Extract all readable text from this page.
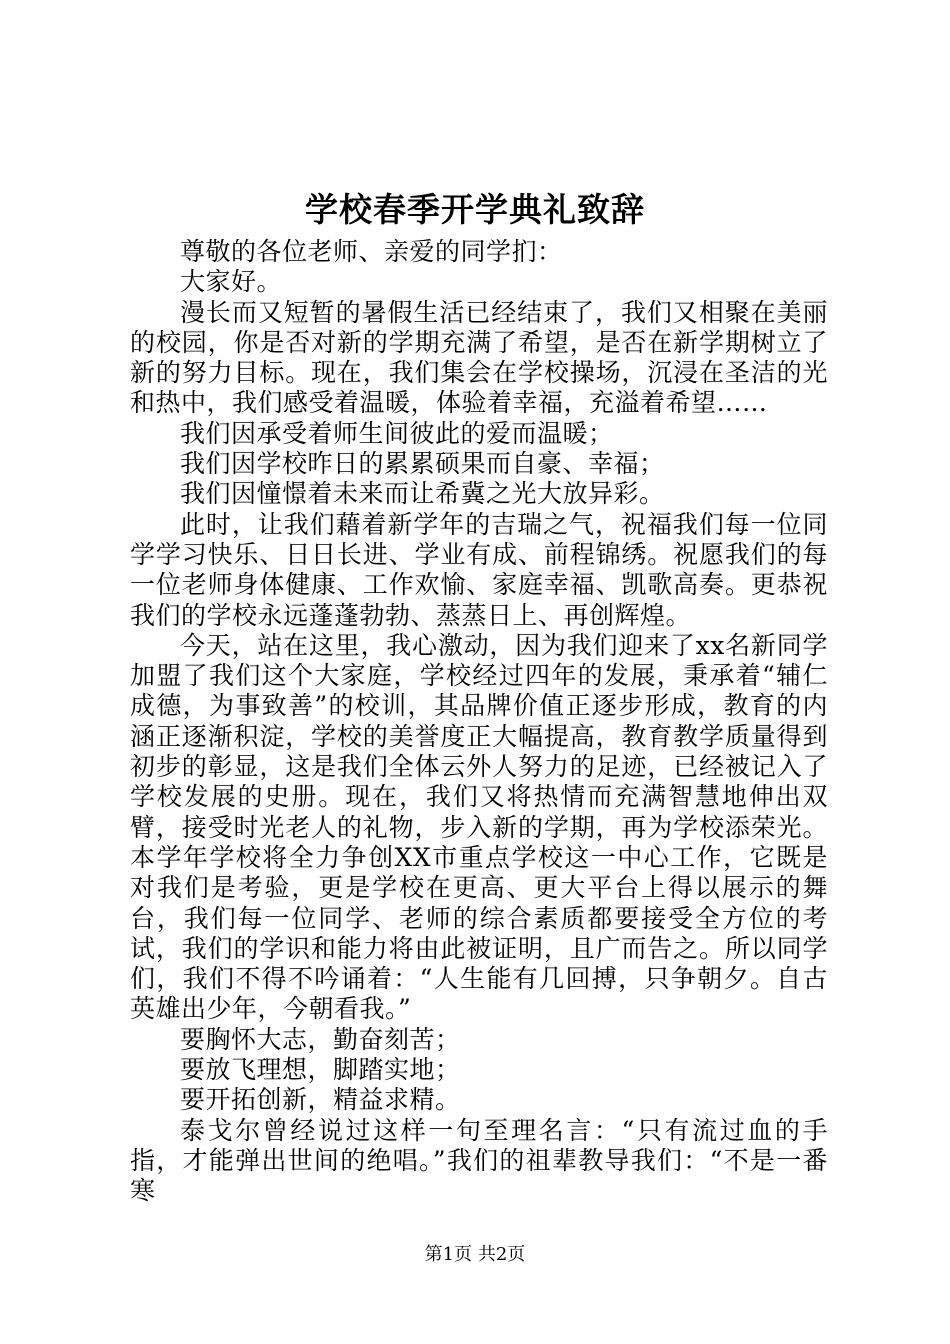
学校春季开学典礼致辞

尊敬的各位老师、亲爱的同学扪：

大家好。

漫长而又短暂的暑假生活已经结束了，我们又相聚在美丽的校园，你是否对新的学期充满了希望，是否在新学期树立了新的努力目标。现在，我们集会在学校操场，沉浸在圣洁的光和热中，我们感受着温暖，体验着幸福，充溢着希望……

我们因承受着师生间彼此的爱而温暖；

我们因学校昨日的累累硕果而自豪、幸福；

我们因憧憬着未来而让希冀之光大放异彩。

此时，让我们藉着新学年的吉瑞之气，祝福我们每一位同学学习快乐、日日长进、学业有成、前程锦绣。祝愿我们的每一位老师身体健康、工作欢愉、家庭幸福、凯歌高奏。更恭祝我们的学校永远蓬蓬勃勃、蒸蒸日上、再创辉煌。

今天，站在这里，我心激动，因为我们迎来了xx名新同学加盟了我们这个大家庭，学校经过四年的发展，秉承着“辅仁成德，为事致善”的校训，其品牌价值正逐步形成，教育的内涵正逐渐积淀，学校的美誉度正大幅提高，教育教学质量得到初步的彰显，这是我们全体云外人努力的足迹，已经被记入了学校发展的史册。现在，我们又将热情而充满智慧地伸出双臂，接受时光老人的礼物，步入新的学期，再为学校添荣光。本学年学校将全力争创XX市重点学校这一中心工作，它既是对我们是考验，更是学校在更高、更大平台上得以展示的舞台，我们每一位同学、老师的综合素质都要接受全方位的考试，我们的学识和能力将由此被证明，且广而告之。所以同学们，我们不得不吟诵着：“人生能有几回搏，只争朝夕。自古英雄出少年，今朝看我。”

要胸怀大志，勤奋刻苦；

要放飞理想，脚踏实地；

要开拓创新，精益求精。

泰戈尔曾经说过这样一句至理名言：“只有流过血的手指，才能弹出世间的绝唱。”我们的祖辈教导我们：“不是一番寒

第1页 共2页
